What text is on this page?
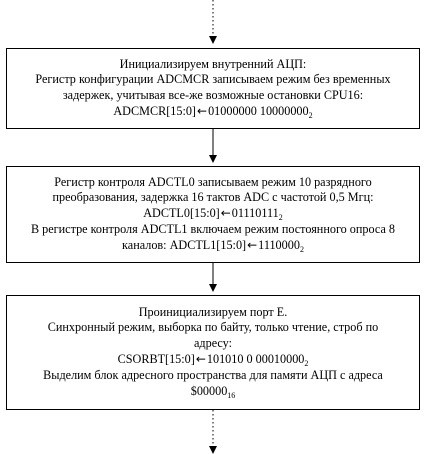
Инициализируем внутренний АЦП:
Регистр конфигурации ADCMCR записываем режим без временных
задержек, учитывая все-же возможные остановки CPU16:
ADCMCR[15:0]←01000000 $10000000_2$
Регистр контроля ADCTL0 записываем режим 10 разрядного
преобразования, задержка 16 тактов ADC с частотой 0,5 Мгц:
$ADCTL0[15:0]\leftarrow 01110111_2$
В регистре контроля ADCTL1 включаем режим постоянного опроса 8
каналов: $ADCTL1[15:0]\leftarrow 1110000_2$
Проинициализируем порт Е.
Синхронный режим, выборка по байту, только чтение, строб по
адресу:
CSORBT[15:0]←101010 0 $00010000_2$
Выделим блок адресного пространства для памяти АЦП с адреса
$\$00000_{16}$
